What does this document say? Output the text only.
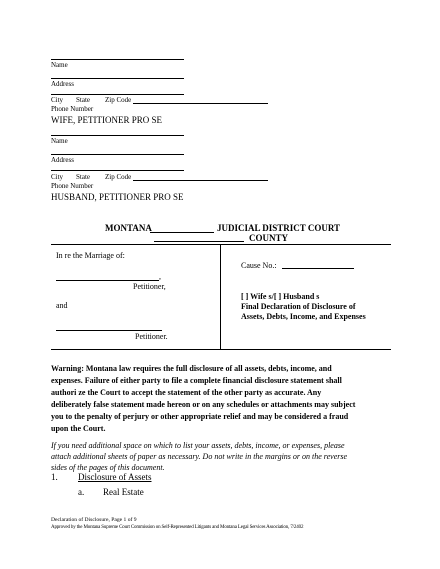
Name
Address
City State Zip Code
Phone Number
WIFE, PETITIONER PRO SE
Name
Address
City State Zip Code
Phone Number
HUSBAND, PETITIONER PRO SE
MONTANA	JUDICIAL DISTRICT COURT
COUNTY
In re the Marriage of:
,
Petitioner,
and
Petitioner.
Cause No.:
[ ] Wife s/[ ] Husband s
Final Declaration of Disclosure of
Assets, Debts, Income, and Expenses
Warning: Montana law requires the full disclosure of all assets, debts, income, and
expenses. Failure of either party to file a complete financial disclosure statement shall
authori ze the Court to accept the statement of the other party as accurate. Any
deliberately false statement made hereon or on any schedules or attachments may subject
you to the penalty of perjury or other appropriate relief and may be considered a fraud
upon the Court.
If you need additional space on which to list your assets, debts, income, or expenses, please
attach additional sheets of paper as necessary. Do not write in the margins or on the reverse
sides of the pages of this document.
1. Disclosure of Assets
a. Real Estate
Declaration of Disclosure, Page 1 of 9
Approved by the Montana Supreme Court Commission on Self-Represented Litigants and Montana Legal Services Association, 7/2402
